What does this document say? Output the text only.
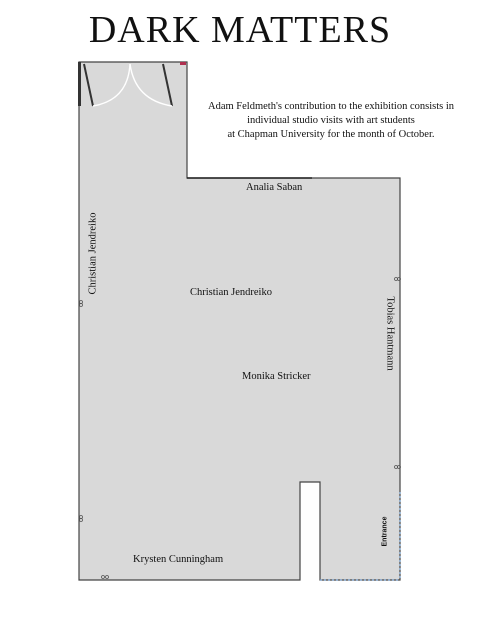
DARK MATTERS
Adam Feldmeth's contribution to the exhibition consists in
individual studio visits with art students
at Chapman University for the month of October.
Analia Saban
Christian Jendreiko
Monika Stricker
Christian Jendreiko
Tobias Hantmann
Krysten Cunningham
Entrance
